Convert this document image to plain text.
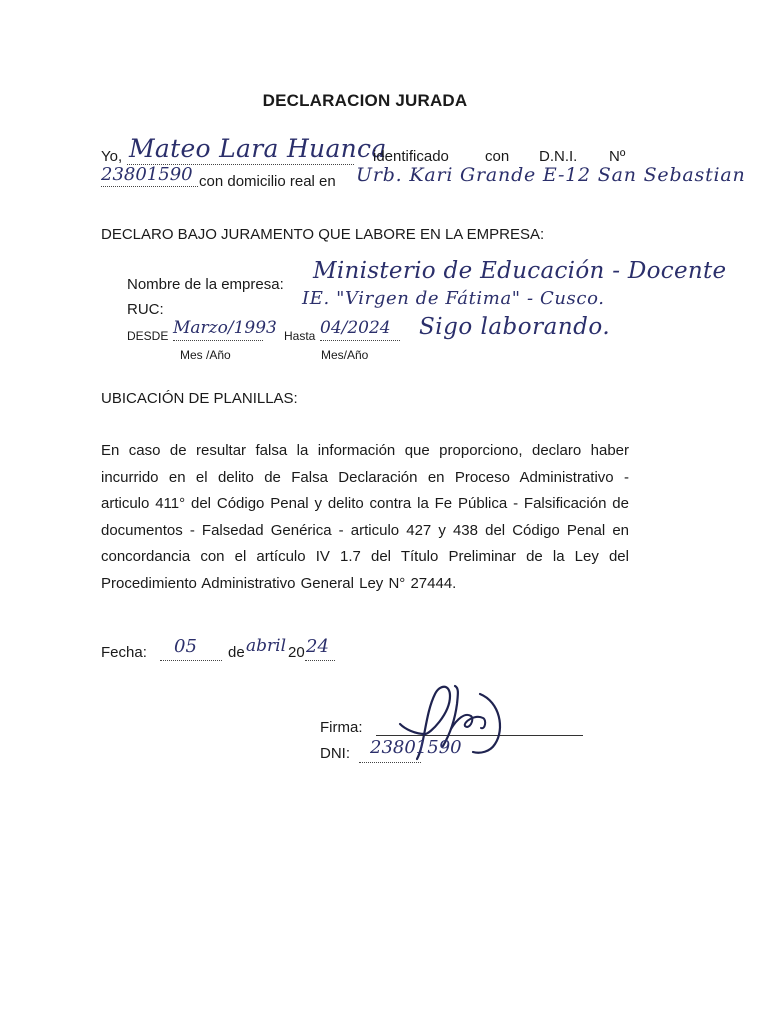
DECLARACION JURADA
Yo, Mateo Lara Huanca
identificado con D.N.I. Nº
23801590 con domicilio real en Urb. Kari Grande E-12 San Sebastian
DECLARO BAJO JURAMENTO QUE LABORE EN LA EMPRESA:
Nombre de la empresa:
Ministerio de Educación - Docente
RUC:
IE. "Virgen de Fátima" - Cusco.
DESDE Marzo/1993 Hasta 04/2024 Sigo laborando.
Mes /Año	Mes/Año
UBICACIÓN DE PLANILLAS:
En caso de resultar falsa la información que proporciono, declaro haber incurrido en el delito de Falsa Declaración en Proceso Administrativo - articulo 411° del Código Penal y delito contra la Fe Pública - Falsificación de documentos - Falsedad Genérica - articulo 427 y 438 del Código Penal en concordancia con el artículo IV 1.7 del Título Preliminar de la Ley del Procedimiento Administrativo General Ley N° 27444.
Fecha: 05 de abril 20 24
Firma:
DNI: 23801590
